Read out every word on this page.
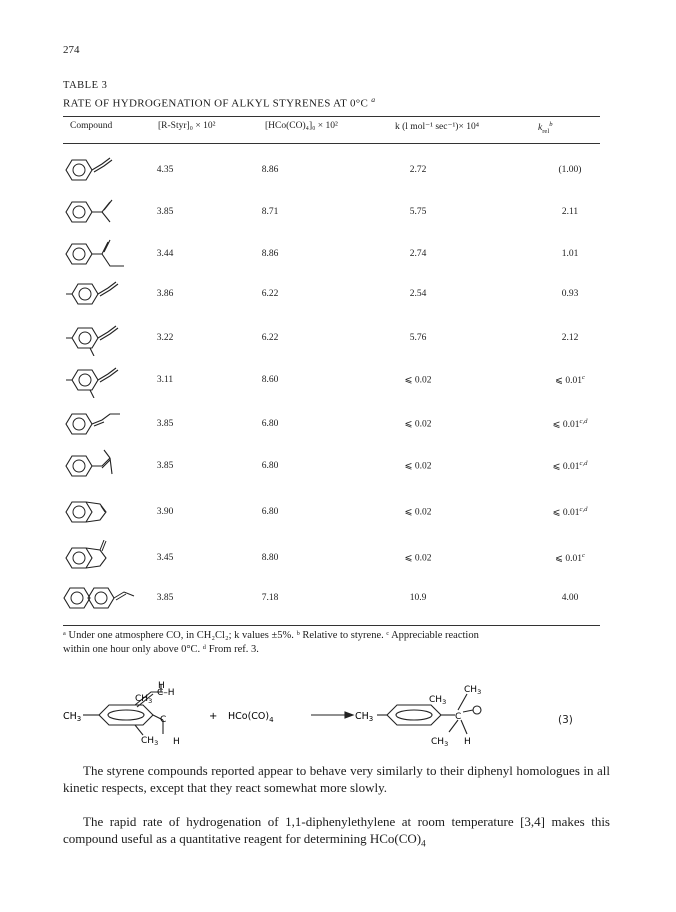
274
TABLE 3
RATE OF HYDROGENATION OF ALKYL STYRENES AT 0°C $^a$
Compound	[R-Styr]₀ × 10²	[HCo(CO)₄]₀ × 10²	k (l mol⁻¹ sec⁻¹)× 10⁴	$k_{rel}^b$
4.35	8.86	2.72	(1.00)
3.85	8.71	5.75	2.11
3.44	8.86	2.74	1.01
3.86	6.22	2.54	0.93
3.22	6.22	5.76	2.12
3.11	8.60	⩽ 0.02	⩽ 0.01$^c$
3.85	6.80	⩽ 0.02	⩽ 0.01$^{c,d}$
3.85	6.80	⩽ 0.02	⩽ 0.01$^{c,d}$
3.90	6.80	⩽ 0.02	⩽ 0.01$^{c,d}$
3.45	8.80	⩽ 0.02	⩽ 0.01$^c$
3.85	7.18	10.9	4.00
ᵃ Under one atmosphere CO, in CH₂Cl₂; k values ±5%. ᵇ Relative to styrene. ᶜ Appreciable reaction
within one hour only above 0°C. ᵈ From ref. 3.
$CH_3$
$CH_3$
H
C–H
C
$CH_3$ H
+ $HCo(CO)_4$	$CH_3$
$CH_3$
$CH_3$
C
$CH_3$ H
(3)
The styrene compounds reported appear to behave very similarly to their diphenyl homologues in all kinetic respects, except that they react somewhat more slowly.
The rapid rate of hydrogenation of 1,1-diphenylethylene at room temperature [3,4] makes this compound useful as a quantitative reagent for determining $HCo(CO)_4$
